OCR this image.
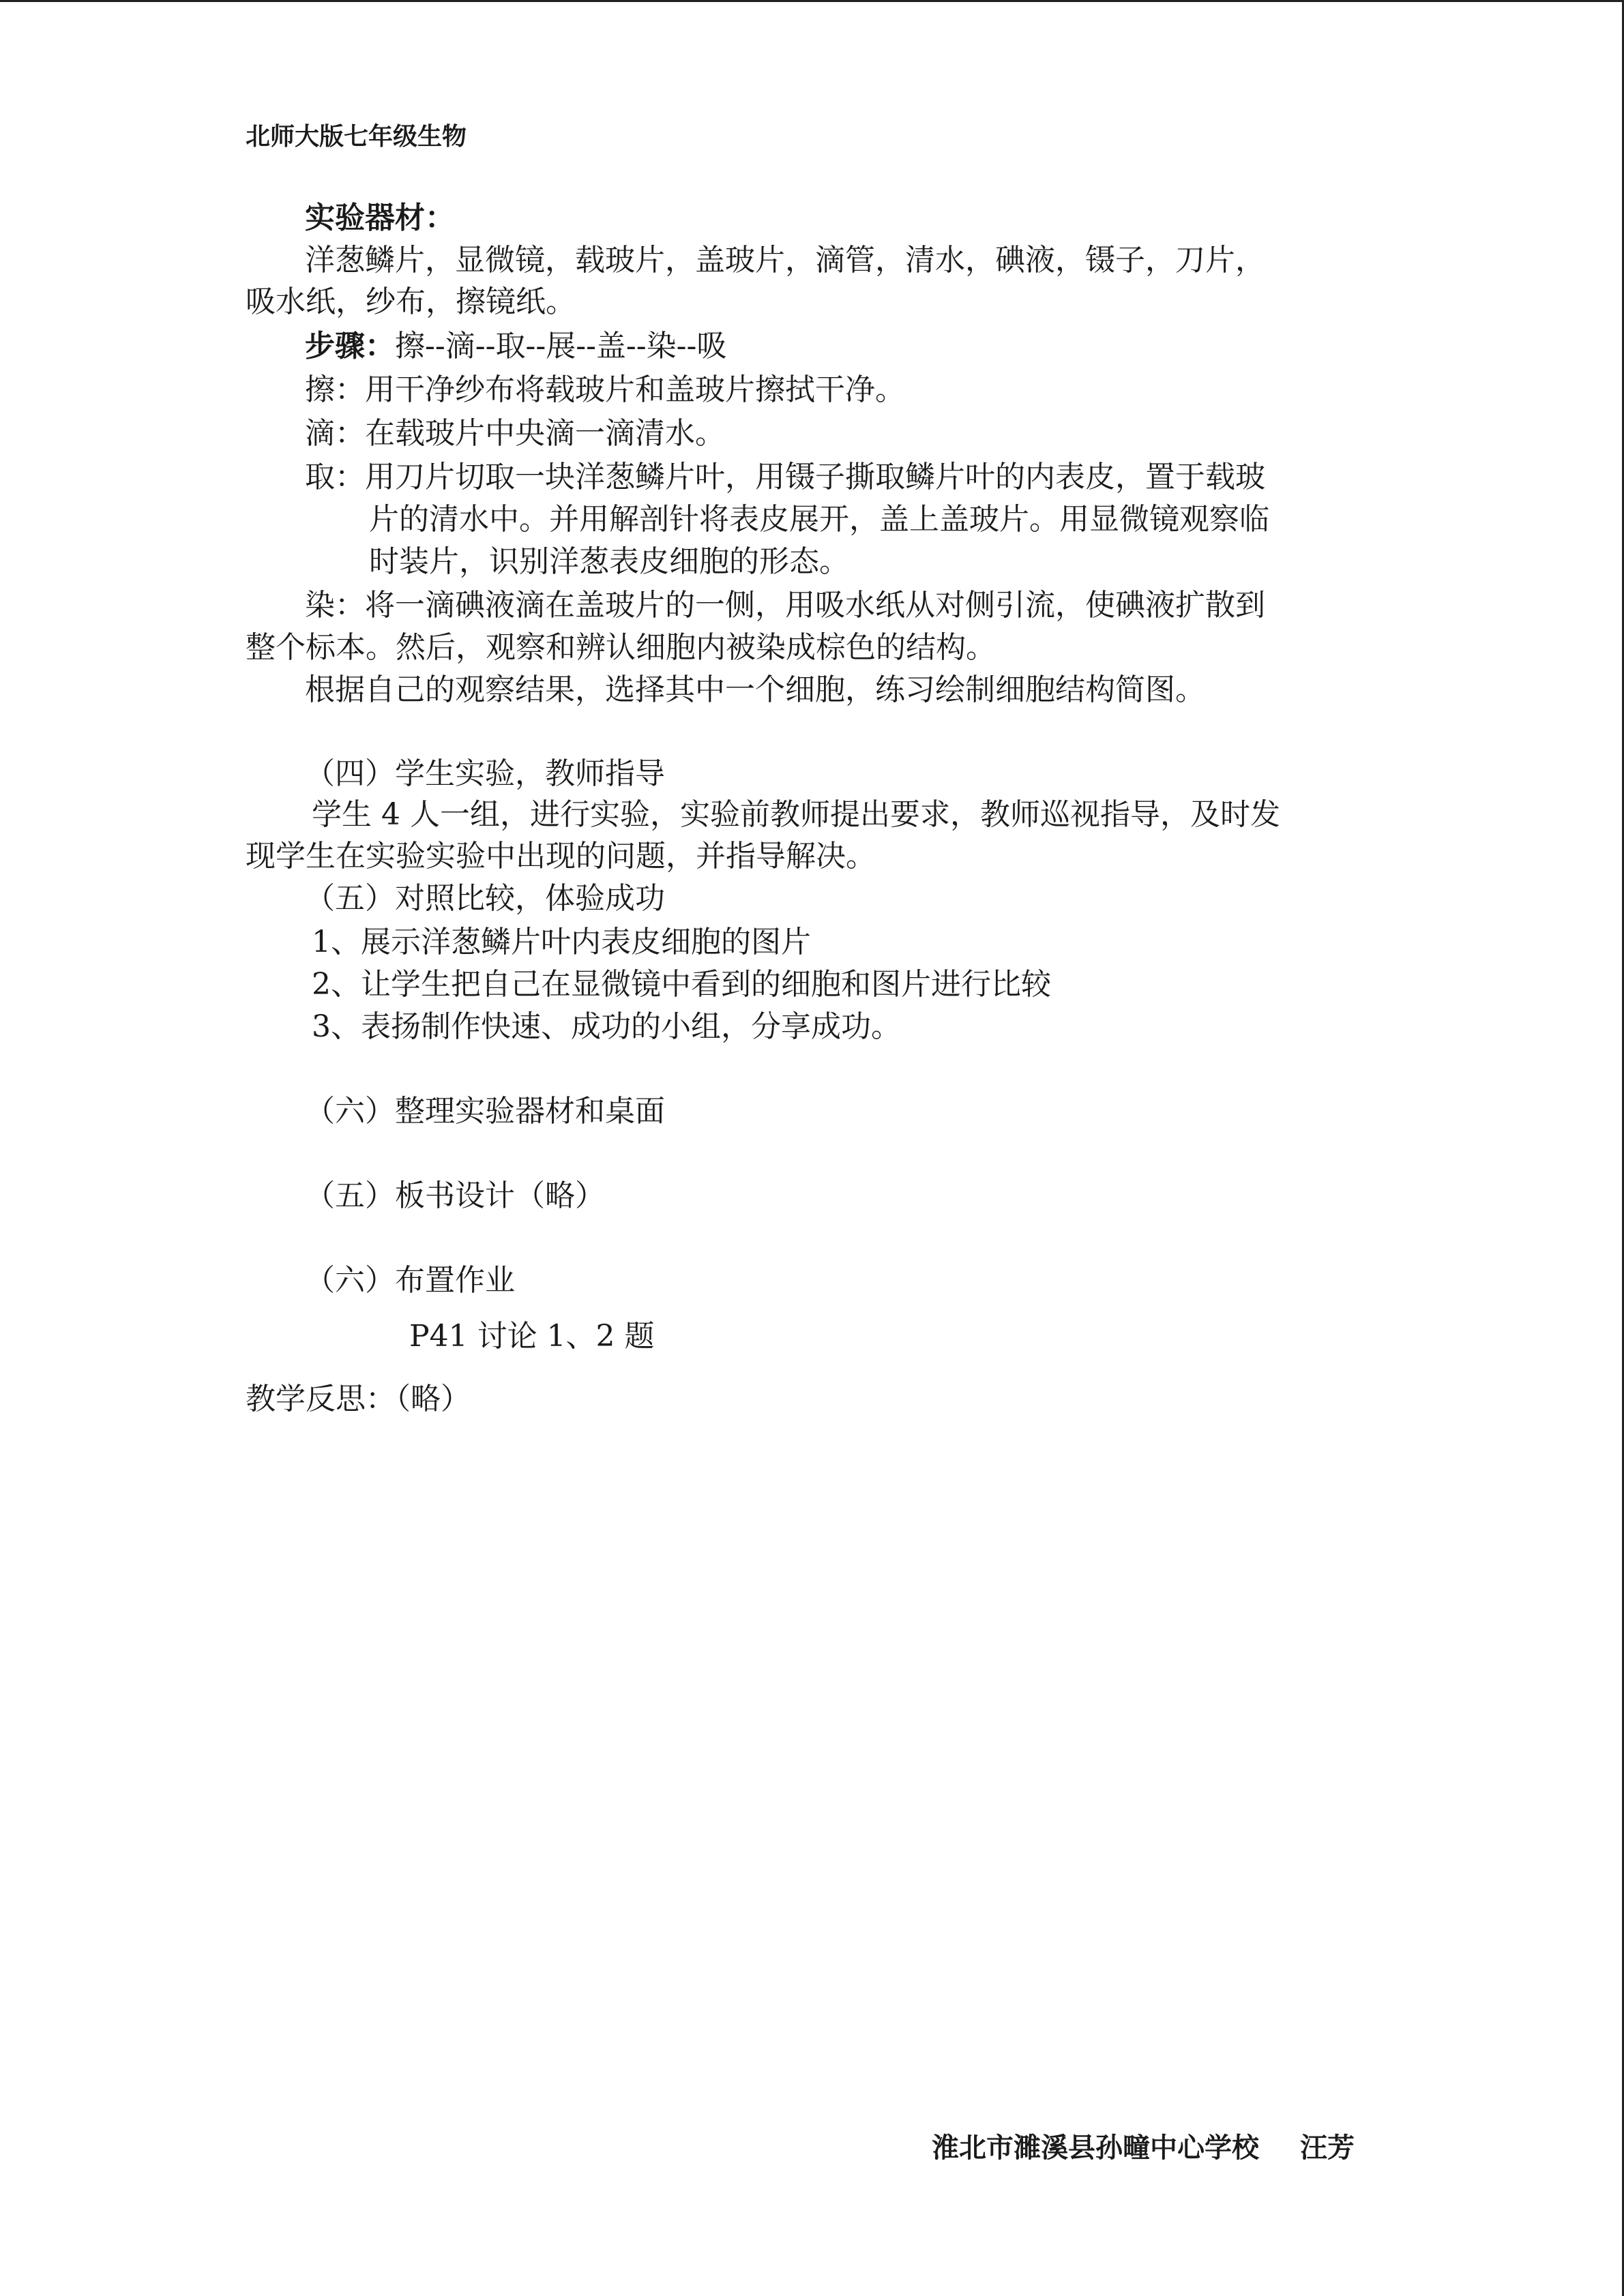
北师大版七年级生物
实验器材：
洋葱鳞片，显微镜，载玻片，盖玻片，滴管，清水，碘液，镊子，刀片，
吸水纸，纱布，擦镜纸。
步骤：擦--滴--取--展--盖--染--吸
擦：用干净纱布将载玻片和盖玻片擦拭干净。
滴：在载玻片中央滴一滴清水。
取：用刀片切取一块洋葱鳞片叶，用镊子撕取鳞片叶的内表皮，置于载玻
片的清水中。并用解剖针将表皮展开，盖上盖玻片。用显微镜观察临
时装片，识别洋葱表皮细胞的形态。
染：将一滴碘液滴在盖玻片的一侧，用吸水纸从对侧引流，使碘液扩散到
整个标本。然后，观察和辨认细胞内被染成棕色的结构。
根据自己的观察结果，选择其中一个细胞，练习绘制细胞结构简图。
（四）学生实验，教师指导
学生 4 人一组，进行实验，实验前教师提出要求，教师巡视指导，及时发
现学生在实验实验中出现的问题，并指导解决。
（五）对照比较，体验成功
1、展示洋葱鳞片叶内表皮细胞的图片
2、让学生把自己在显微镜中看到的细胞和图片进行比较
3、表扬制作快速、成功的小组，分享成功。
（六）整理实验器材和桌面
（五）板书设计（略）
（六）布置作业
P41 讨论 1、2 题
教学反思：（略）
淮北市濉溪县孙疃中心学校 汪芳
